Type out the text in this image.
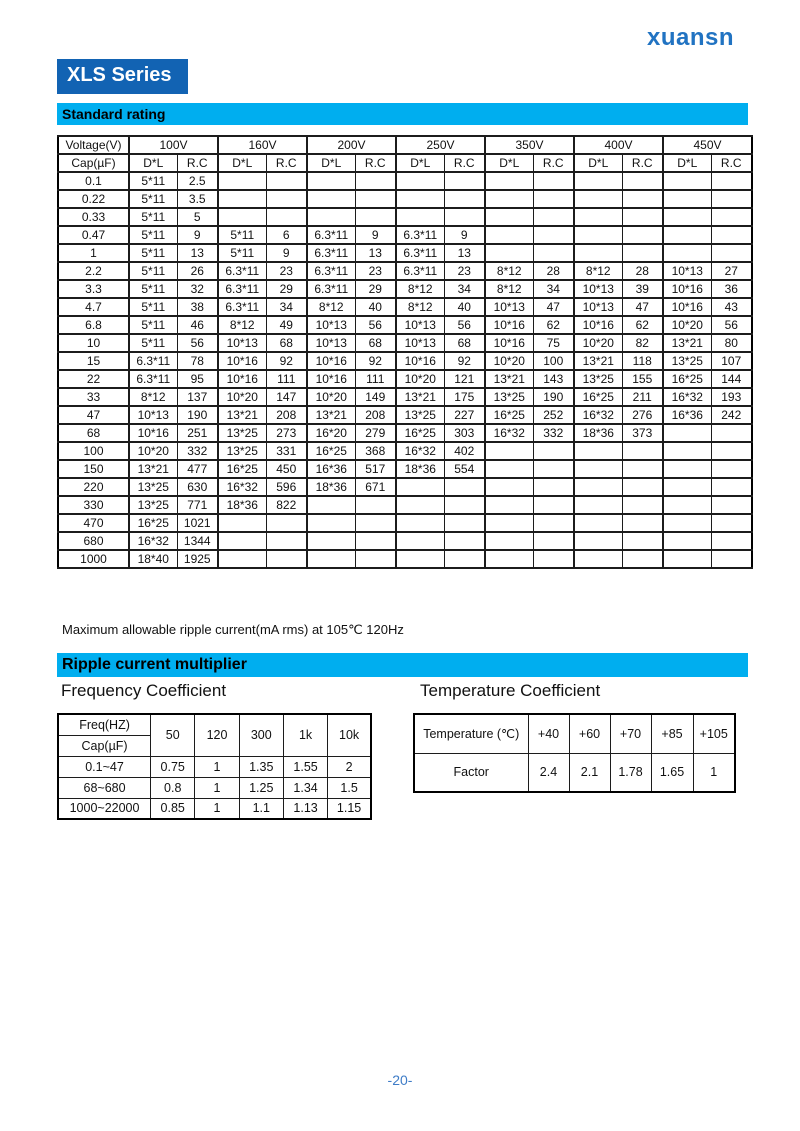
xuansn
XLS Series
Standard rating
Voltage(V)	100V		160V		200V		250V		350V		400V		450V	
Cap(µF)	D*L	R.C	D*L	R.C	D*L	R.C	D*L	R.C	D*L	R.C	D*L	R.C	D*L	R.C
0.1	5*11	2.5												
0.22	5*11	3.5												
0.33	5*11	5												
0.47	5*11	9	5*11	6	6.3*11	9	6.3*11	9						
1	5*11	13	5*11	9	6.3*11	13	6.3*11	13						
2.2	5*11	26	6.3*11	23	6.3*11	23	6.3*11	23	8*12	28	8*12	28	10*13	27
3.3	5*11	32	6.3*11	29	6.3*11	29	8*12	34	8*12	34	10*13	39	10*16	36
4.7	5*11	38	6.3*11	34	8*12	40	8*12	40	10*13	47	10*13	47	10*16	43
6.8	5*11	46	8*12	49	10*13	56	10*13	56	10*16	62	10*16	62	10*20	56
10	5*11	56	10*13	68	10*13	68	10*13	68	10*16	75	10*20	82	13*21	80
15	6.3*11	78	10*16	92	10*16	92	10*16	92	10*20	100	13*21	118	13*25	107
22	6.3*11	95	10*16	111	10*16	111	10*20	121	13*21	143	13*25	155	16*25	144
33	8*12	137	10*20	147	10*20	149	13*21	175	13*25	190	16*25	211	16*32	193
47	10*13	190	13*21	208	13*21	208	13*25	227	16*25	252	16*32	276	16*36	242
68	10*16	251	13*25	273	16*20	279	16*25	303	16*32	332	18*36	373		
100	10*20	332	13*25	331	16*25	368	16*32	402						
150	13*21	477	16*25	450	16*36	517	18*36	554						
220	13*25	630	16*32	596	18*36	671								
330	13*25	771	18*36	822										
470	16*25	1021												
680	16*32	1344												
1000	18*40	1925												
Maximum allowable ripple current(mA rms) at 105℃ 120Hz
Ripple current multiplier
Frequency Coefficient	Temperature Coefficient
Freq(HZ)	50	120	300	1k	10k
Cap(µF)					
0.1~47	0.75	1	1.35	1.55	2
68~680	0.8	1	1.25	1.34	1.5
1000~22000	0.85	1	1.1	1.13	1.15
Temperature (℃)	+40	+60	+70	+85	+105
Factor	2.4	2.1	1.78	1.65	1
-20-
